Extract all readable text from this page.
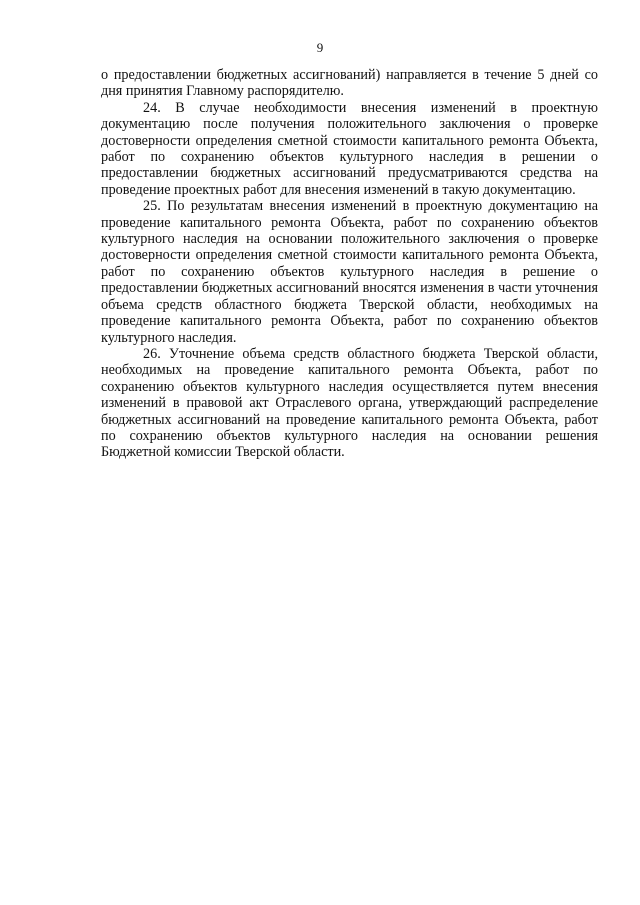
9

о предоставлении бюджетных ассигнований) направляется в течение 5 дней со дня принятия Главному распорядителю.

24. В случае необходимости внесения изменений в проектную документацию после получения положительного заключения о проверке достоверности определения сметной стоимости капитального ремонта Объекта, работ по сохранению объектов культурного наследия в решении о предоставлении бюджетных ассигнований предусматриваются средства на проведение проектных работ для внесения изменений в такую документацию.

25. По результатам внесения изменений в проектную документацию на проведение капитального ремонта Объекта, работ по сохранению объектов культурного наследия на основании положительного заключения о проверке достоверности определения сметной стоимости капитального ремонта Объекта, работ по сохранению объектов культурного наследия в решение о предоставлении бюджетных ассигнований вносятся изменения в части уточнения объема средств областного бюджета Тверской области, необходимых на проведение капитального ремонта Объекта, работ по сохранению объектов культурного наследия.

26. Уточнение объема средств областного бюджета Тверской области, необходимых на проведение капитального ремонта Объекта, работ по сохранению объектов культурного наследия осуществляется путем внесения изменений в правовой акт Отраслевого органа, утверждающий распределение бюджетных ассигнований на проведение капитального ремонта Объекта, работ по сохранению объектов культурного наследия на основании решения Бюджетной комиссии Тверской области.
